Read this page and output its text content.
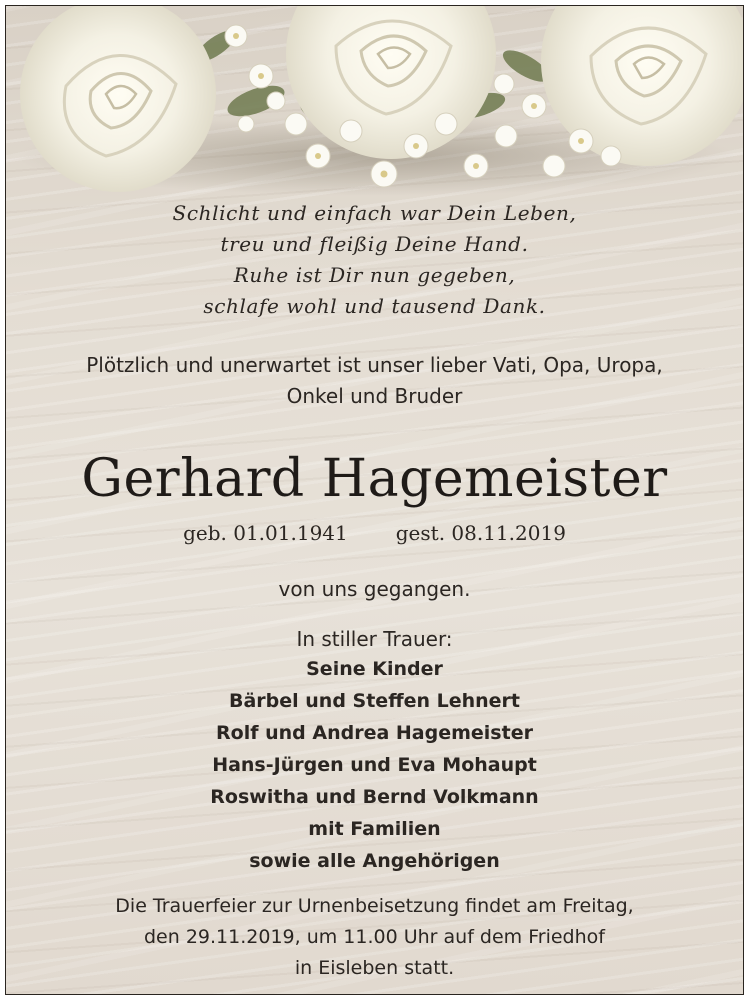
Schlicht und einfach war Dein Leben,
treu und fleißig Deine Hand.
Ruhe ist Dir nun gegeben,
schlafe wohl und tausend Dank.
Plötzlich und unerwartet ist unser lieber Vati, Opa, Uropa,
Onkel und Bruder
Gerhard Hagemeister
geb. 01.01.1941 gest. 08.11.2019
von uns gegangen.
In stiller Trauer:
Seine Kinder
Bärbel und Steffen Lehnert
Rolf und Andrea Hagemeister
Hans-Jürgen und Eva Mohaupt
Roswitha und Bernd Volkmann
mit Familien
sowie alle Angehörigen
Die Trauerfeier zur Urnenbeisetzung findet am Freitag,
den 29.11.2019, um 11.00 Uhr auf dem Friedhof
in Eisleben statt.
